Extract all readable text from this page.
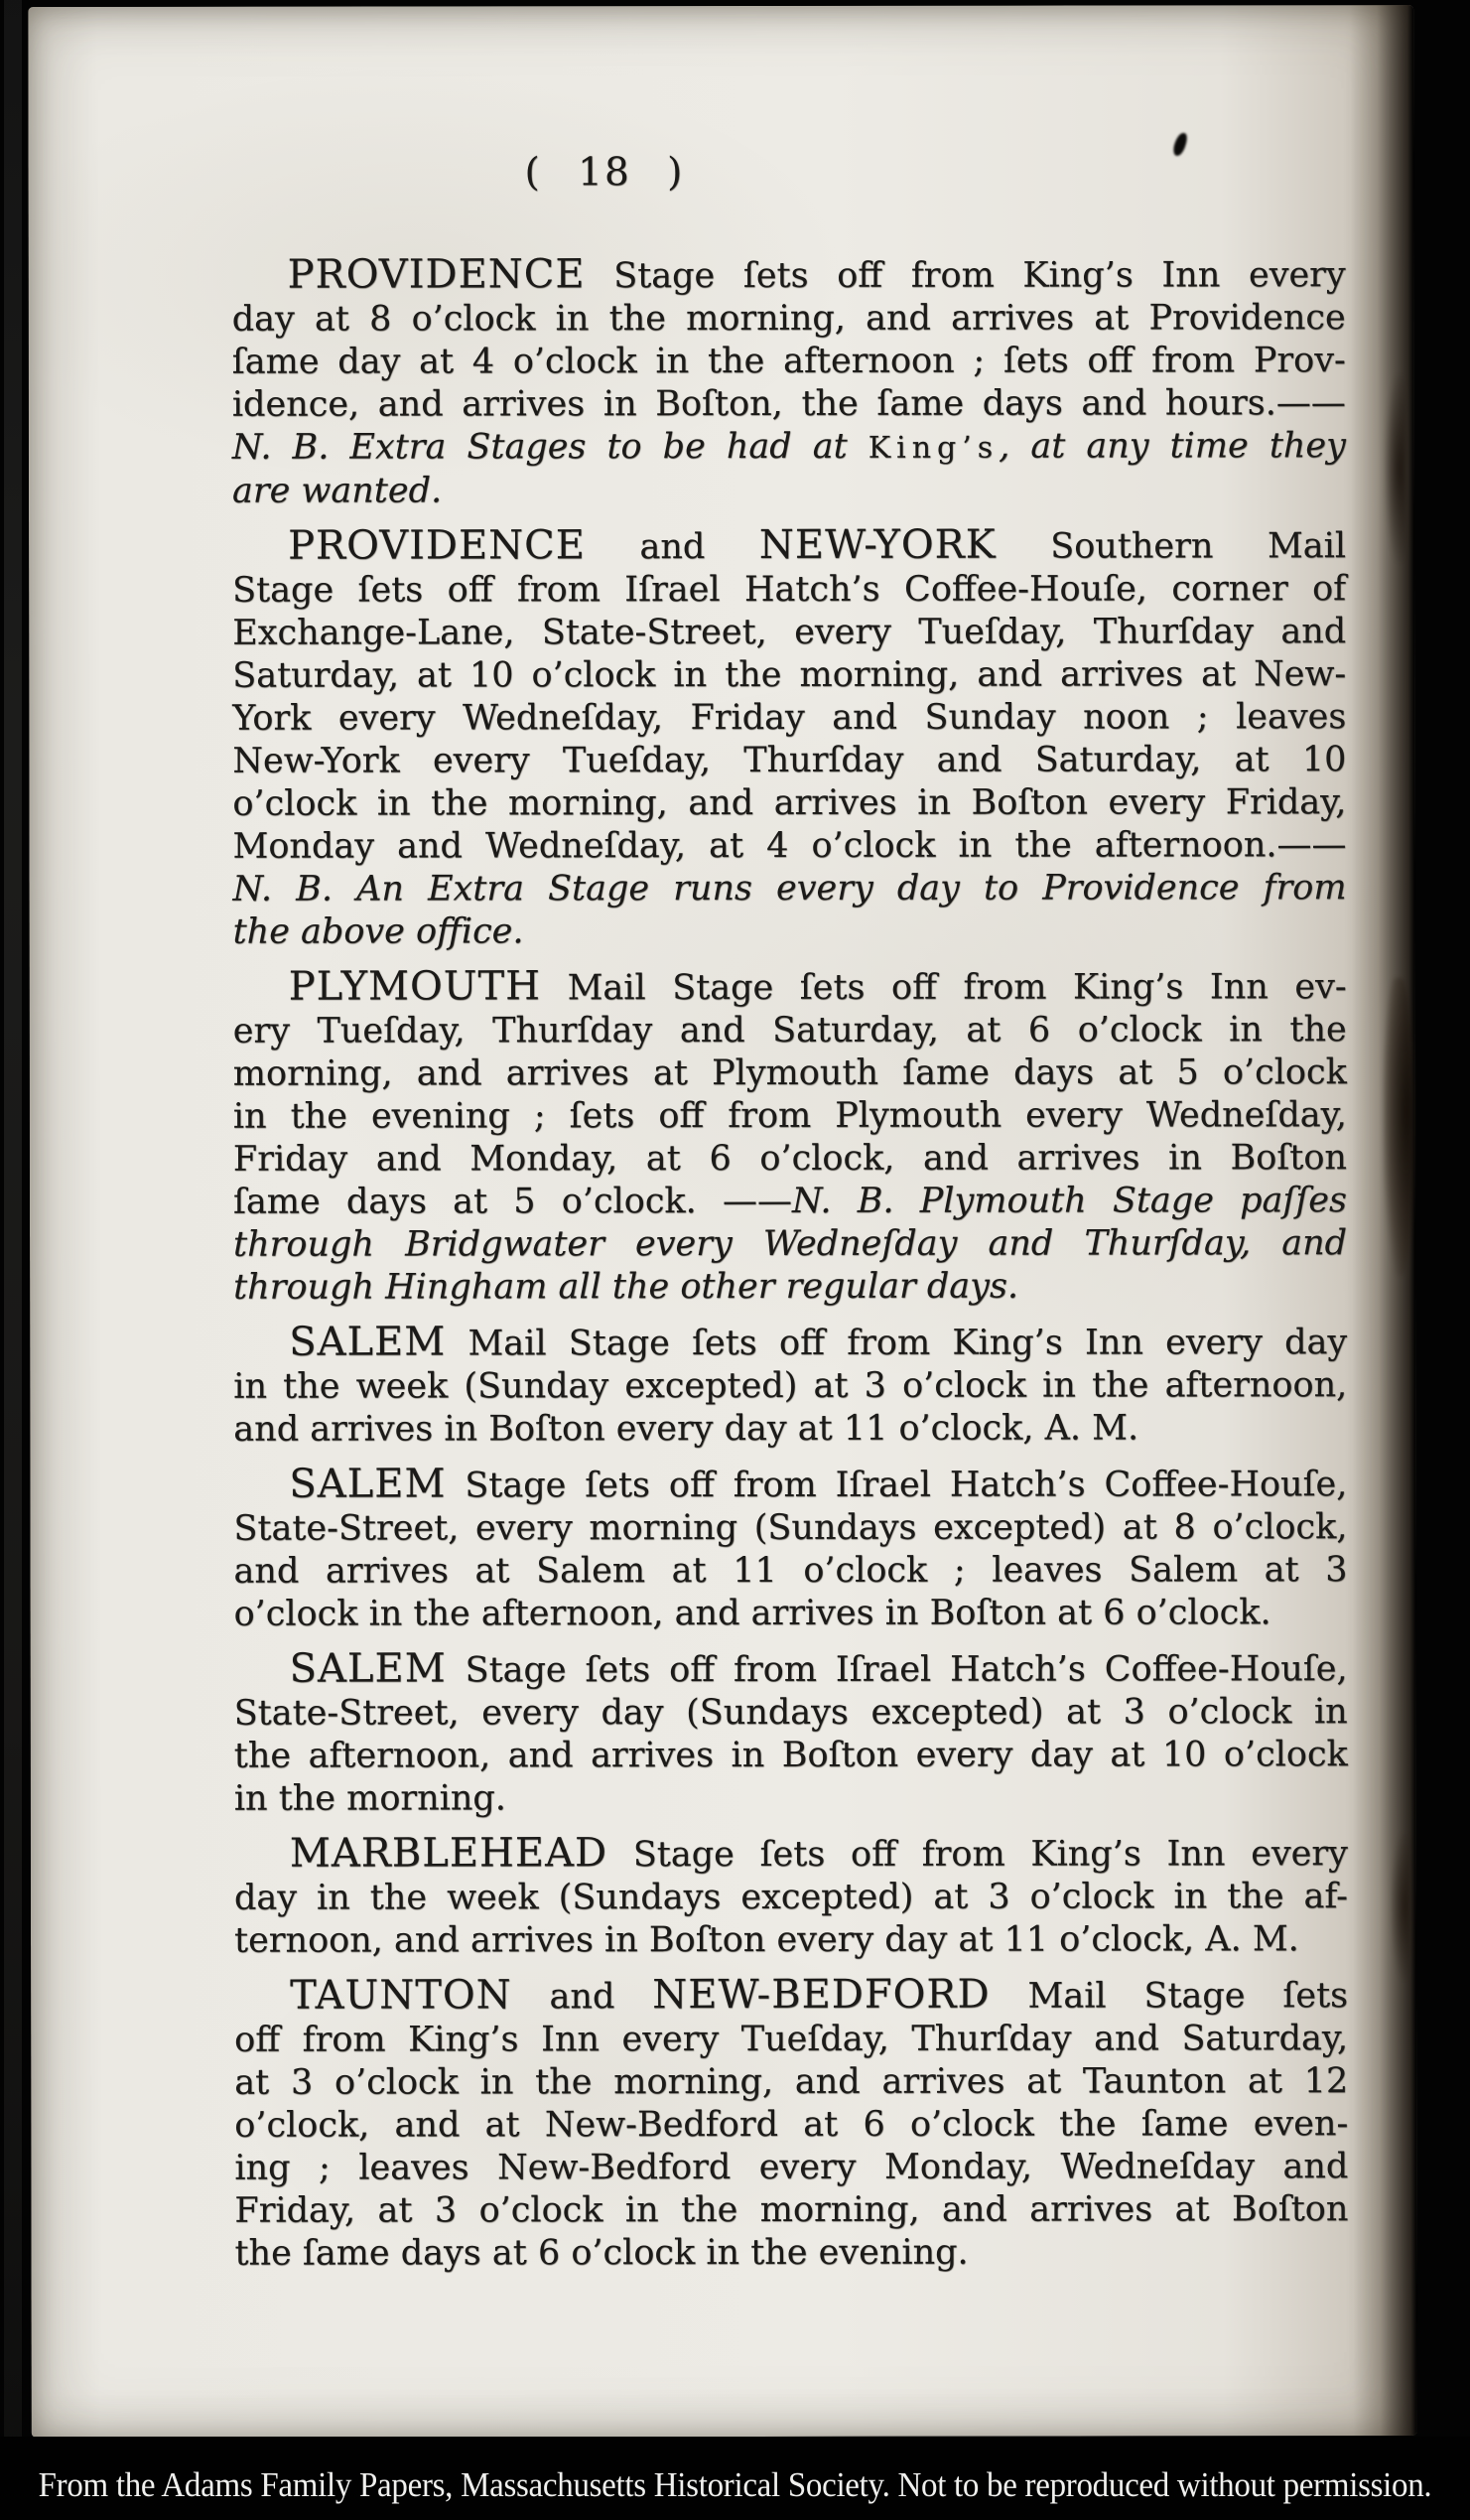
( 18 )
PROVIDENCE Stage ſets off from King’s Inn every
day at 8 o’clock in the morning, and arrives at Providence
ſame day at 4 o’clock in the afternoon ; ſets off from Prov-
idence, and arrives in Boſton, the ſame days and hours.——
N. B. Extra Stages to be had at King’s, at any time they
are wanted.
PROVIDENCE and NEW-YORK Southern Mail
Stage ſets off from Iſrael Hatch’s Coffee-Houſe, corner of
Exchange-Lane, State-Street, every Tueſday, Thurſday and
Saturday, at 10 o’clock in the morning, and arrives at New-
York every Wedneſday, Friday and Sunday noon ; leaves
New-York every Tueſday, Thurſday and Saturday, at 10
o’clock in the morning, and arrives in Boſton every Friday,
Monday and Wedneſday, at 4 o’clock in the afternoon.——
N. B. An Extra Stage runs every day to Providence from
the above office.
PLYMOUTH Mail Stage ſets off from King’s Inn ev-
ery Tueſday, Thurſday and Saturday, at 6 o’clock in the
morning, and arrives at Plymouth ſame days at 5 o’clock
in the evening ; ſets off from Plymouth every Wedneſday,
Friday and Monday, at 6 o’clock, and arrives in Boſton
ſame days at 5 o’clock. ——N. B. Plymouth Stage paſſes
through Bridgwater every Wedneſday and Thurſday, and
through Hingham all the other regular days.
SALEM Mail Stage ſets off from King’s Inn every day
in the week (Sunday excepted) at 3 o’clock in the afternoon,
and arrives in Boſton every day at 11 o’clock, A. M.
SALEM Stage ſets off from Iſrael Hatch’s Coffee-Houſe,
State-Street, every morning (Sundays excepted) at 8 o’clock,
and arrives at Salem at 11 o’clock ; leaves Salem at 3
o’clock in the afternoon, and arrives in Boſton at 6 o’clock.
SALEM Stage ſets off from Iſrael Hatch’s Coffee-Houſe,
State-Street, every day (Sundays excepted) at 3 o’clock in
the afternoon, and arrives in Boſton every day at 10 o’clock
in the morning.
MARBLEHEAD Stage ſets off from King’s Inn every
day in the week (Sundays excepted) at 3 o’clock in the af-
ternoon, and arrives in Boſton every day at 11 o’clock, A. M.
TAUNTON and NEW-BEDFORD Mail Stage ſets
off from King’s Inn every Tueſday, Thurſday and Saturday,
at 3 o’clock in the morning, and arrives at Taunton at 12
o’clock, and at New-Bedford at 6 o’clock the ſame even-
ing ; leaves New-Bedford every Monday, Wedneſday and
Friday, at 3 o’clock in the morning, and arrives at Boſton
the ſame days at 6 o’clock in the evening.
From the Adams Family Papers, Massachusetts Historical Society. Not to be reproduced without permission.
